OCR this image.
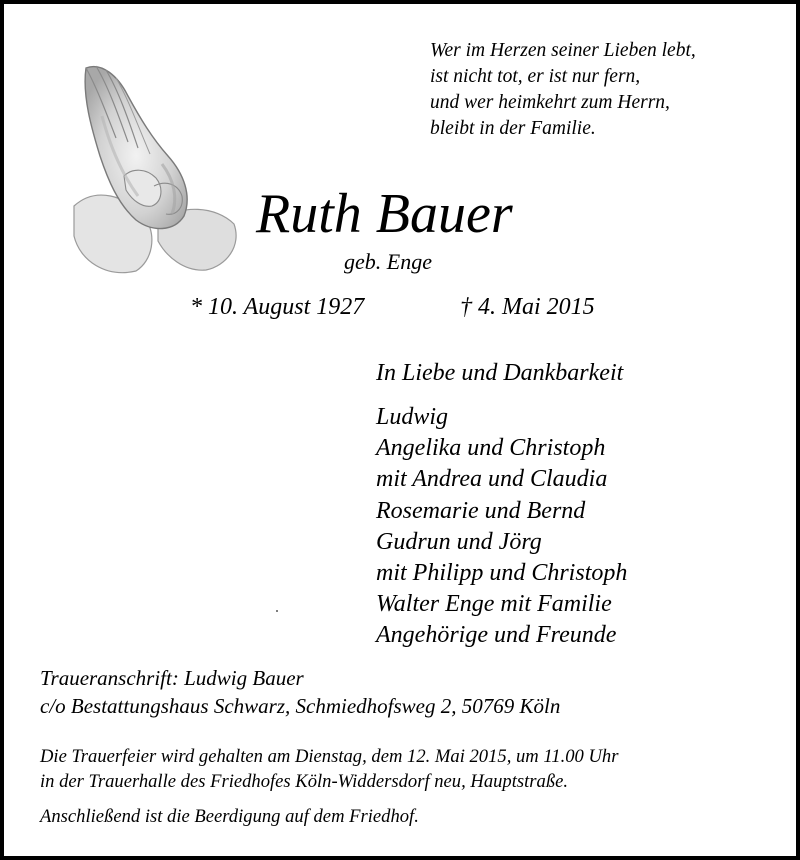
Wer im Herzen seiner Lieben lebt,
ist nicht tot, er ist nur fern,
und wer heimkehrt zum Herrn,
bleibt in der Familie.
Ruth Bauer
geb. Enge
* 10. August 1927	† 4. Mai 2015
In Liebe und Dankbarkeit
Ludwig
Angelika und Christoph
mit Andrea und Claudia
Rosemarie und Bernd
Gudrun und Jörg
mit Philipp und Christoph
Walter Enge mit Familie
Angehörige und Freunde
Traueranschrift: Ludwig Bauer
c/o Bestattungshaus Schwarz, Schmiedhofsweg 2, 50769 Köln
Die Trauerfeier wird gehalten am Dienstag, dem 12. Mai 2015, um 11.00 Uhr
in der Trauerhalle des Friedhofes Köln-Widdersdorf neu, Hauptstraße.
Anschließend ist die Beerdigung auf dem Friedhof.
